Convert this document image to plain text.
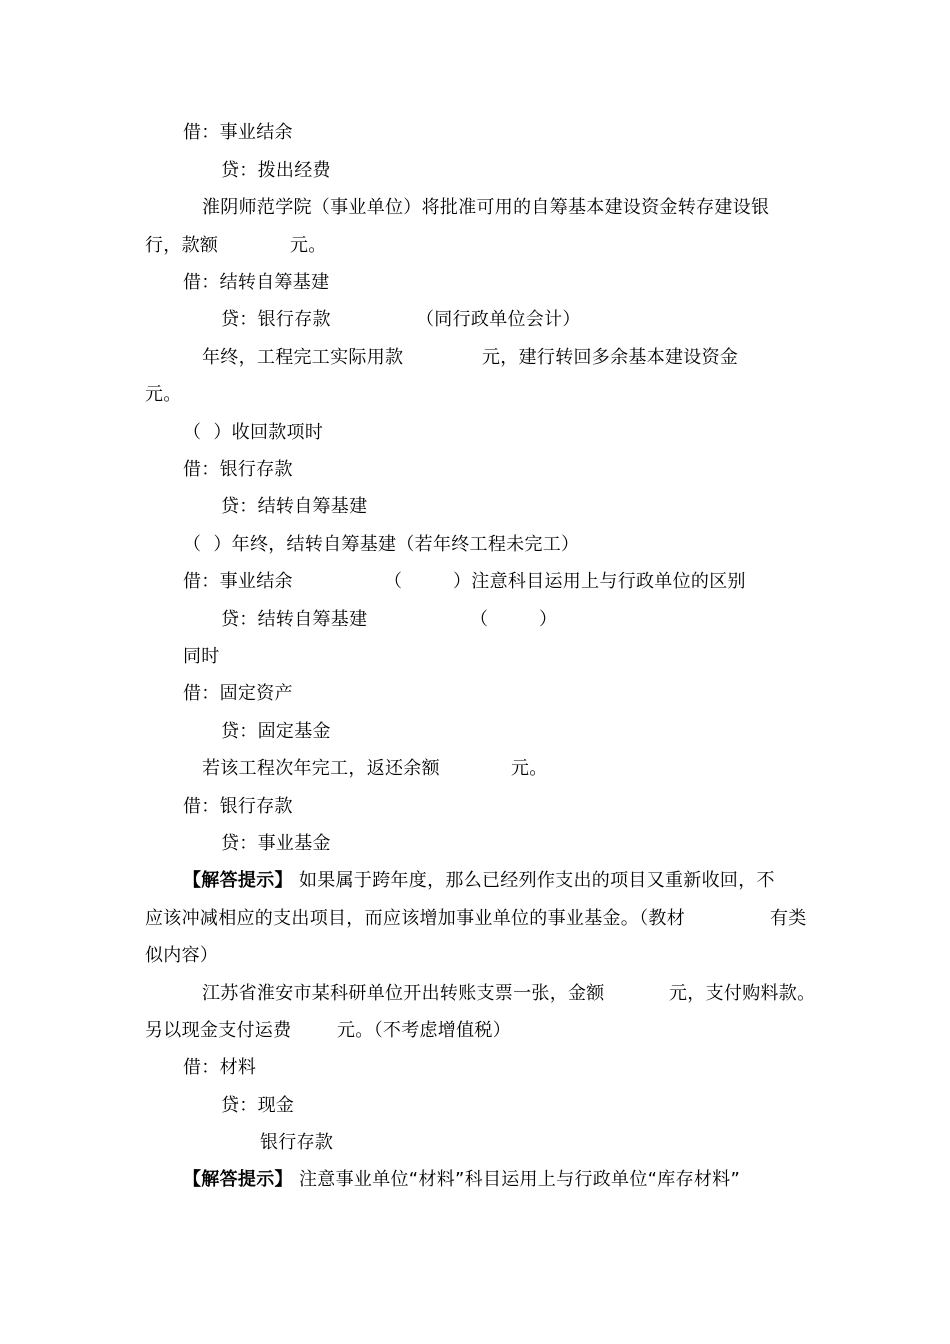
借：事业结余
贷：拨出经费
淮阴师范学院（事业单位）将批准可用的自筹基本建设资金转存建设银
行，款额	元。
借：结转自筹基建
贷：银行存款	（同行政单位会计）
年终，工程完工实际用款	元，建行转回多余基本建设资金
元。
（  ）收回款项时
借：银行存款
贷：结转自筹基建
（  ）年终，结转自筹基建（若年终工程未完工）
借：事业结余	（	）注意科目运用上与行政单位的区别
贷：结转自筹基建	（	）
同时
借：固定资产
贷：固定基金
若该工程次年完工，返还余额	元。
借：银行存款
贷：事业基金
【解答提示】 如果属于跨年度，那么已经列作支出的项目又重新收回，不
应该冲减相应的支出项目，而应该增加事业单位的事业基金。（教材	有类
似内容）
江苏省淮安市某科研单位开出转账支票一张，金额	元，支付购料款。
另以现金支付运费	元。（不考虑增值税）
借：材料
贷：现金
银行存款
【解答提示】 注意事业单位“材料”科目运用上与行政单位“库存材料”
